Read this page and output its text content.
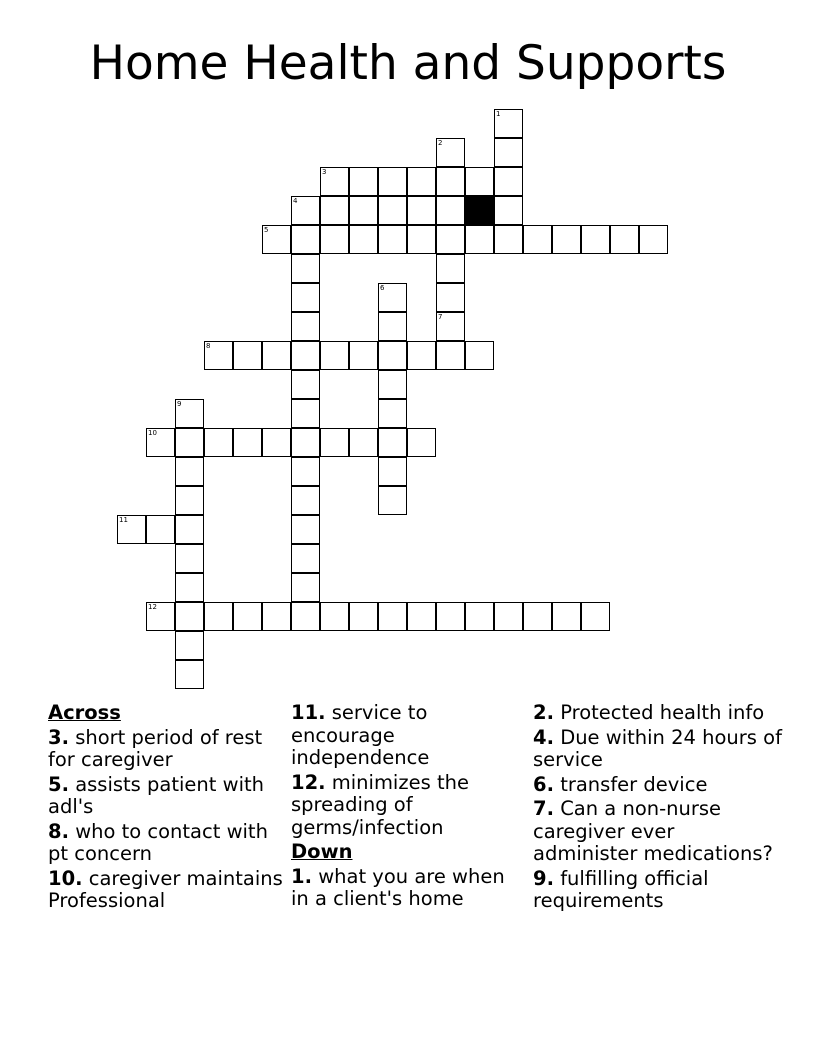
Home Health and Supports
1
2
3
4
5
6
7
8
9
10
11
12
Across
3. short period of rest for caregiver
5. assists patient with adl's
8. who to contact with pt concern
10. caregiver maintains Professional
11. service to encourage independence
12. minimizes the spreading of germs/infection
Down
1. what you are when in a client's home
2. Protected health info
4. Due within 24 hours of service
6. transfer device
7. Can a non-nurse caregiver ever administer medications?
9. fulfilling official requirements
